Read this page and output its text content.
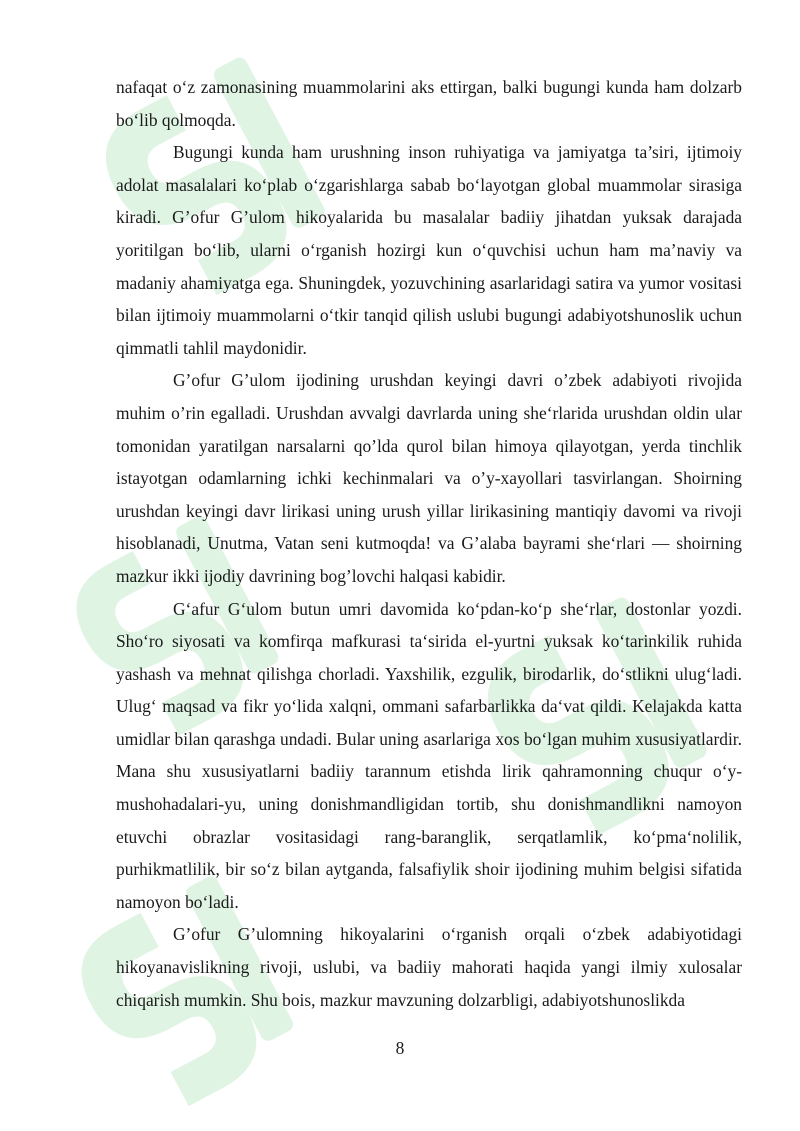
nafaqat o‘z zamonasining muammolarini aks ettirgan, balki bugungi kunda ham dolzarb bo‘lib qolmoqda.

Bugungi kunda ham urushning inson ruhiyatiga va jamiyatga ta’siri, ijtimoiy adolat masalalari ko‘plab o‘zgarishlarga sabab bo‘layotgan global muammolar sirasiga kiradi. G’ofur G’ulom hikoyalarida bu masalalar badiiy jihatdan yuksak darajada yoritilgan bo‘lib, ularni o‘rganish hozirgi kun o‘quvchisi uchun ham ma’naviy va madaniy ahamiyatga ega. Shuningdek, yozuvchining asarlaridagi satira va yumor vositasi bilan ijtimoiy muammolarni o‘tkir tanqid qilish uslubi bugungi adabiyotshunoslik uchun qimmatli tahlil maydonidir.

G’ofur G’ulom ijodining urushdan keyingi davri o’zbek adabiyoti rivojida muhim o’rin egalladi. Urushdan avvalgi davrlarda uning she‘rlarida urushdan oldin ular tomonidan yaratilgan narsalarni qo’lda qurol bilan himoya qilayotgan, yerda tinchlik istayotgan odamlarning ichki kechinmalari va o’y-xayollari tasvirlangan. Shoirning urushdan keyingi davr lirikasi uning urush yillar lirikasining mantiqiy davomi va rivoji hisoblanadi, Unutma, Vatan seni kutmoqda! va G’alaba bayrami she‘rlari — shoirning mazkur ikki ijodiy davrining bog’lovchi halqasi kabidir.

G‘afur G‘ulom butun umri davomida ko‘pdan-ko‘p she‘rlar, dostonlar yozdi. Sho‘ro siyosati va komfirqa mafkurasi ta‘sirida el-yurtni yuksak ko‘tarinkilik ruhida yashash va mehnat qilishga chorladi. Yaxshilik, ezgulik, birodarlik, do‘stlikni ulug‘ladi. Ulug‘ maqsad va fikr yo‘lida xalqni, ommani safarbarlikka da‘vat qildi. Kelajakda katta umidlar bilan qarashga undadi. Bular uning asarlariga xos bo‘lgan muhim xususiyatlardir. Mana shu xususiyatlarni badiiy tarannum etishda lirik qahramonning chuqur o‘y-mushohadalari-yu, uning donishmandligidan tortib, shu donishmandlikni namoyon etuvchi obrazlar vositasidagi rang-baranglik, serqatlamlik, ko‘pma‘nolilik, purhikmatlilik, bir so‘z bilan aytganda, falsafiylik shoir ijodining muhim belgisi sifatida namoyon bo‘ladi.

G’ofur G’ulomning hikoyalarini o‘rganish orqali o‘zbek adabiyotidagi hikoyanavislikning rivoji, uslubi, va badiiy mahorati haqida yangi ilmiy xulosalar chiqarish mumkin. Shu bois, mazkur mavzuning dolzarbligi, adabiyotshunoslikda

8
